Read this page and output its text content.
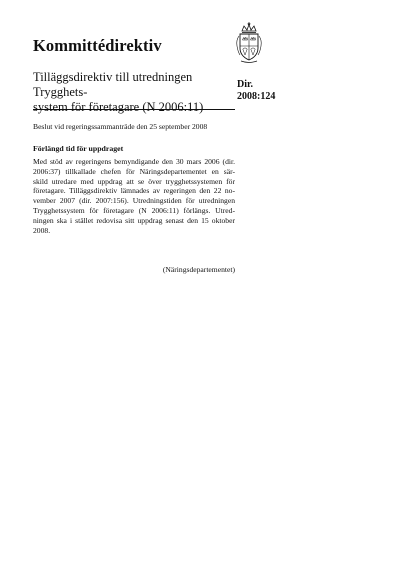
Kommittédirektiv
Tilläggsdirektiv till utredningen Trygghets-
system för företagare (N 2006:11)
Dir.
2008:124
Beslut vid regeringssammanträde den 25 september 2008
Förlängd tid för uppdraget
Med stöd av regeringens bemyndigande den 30 mars 2006 (dir.
2006:37) tillkallade chefen för Näringsdepartementet en sär-
skild utredare med uppdrag att se över trygghetssystemen för
företagare. Tilläggsdirektiv lämnades av regeringen den 22 no-
vember 2007 (dir. 2007:156). Utredningstiden för utredningen
Trygghetssystem för företagare (N 2006:11) förlängs. Utred-
ningen ska i stället redovisa sitt uppdrag senast den 15 oktober
2008.
(Näringsdepartementet)
